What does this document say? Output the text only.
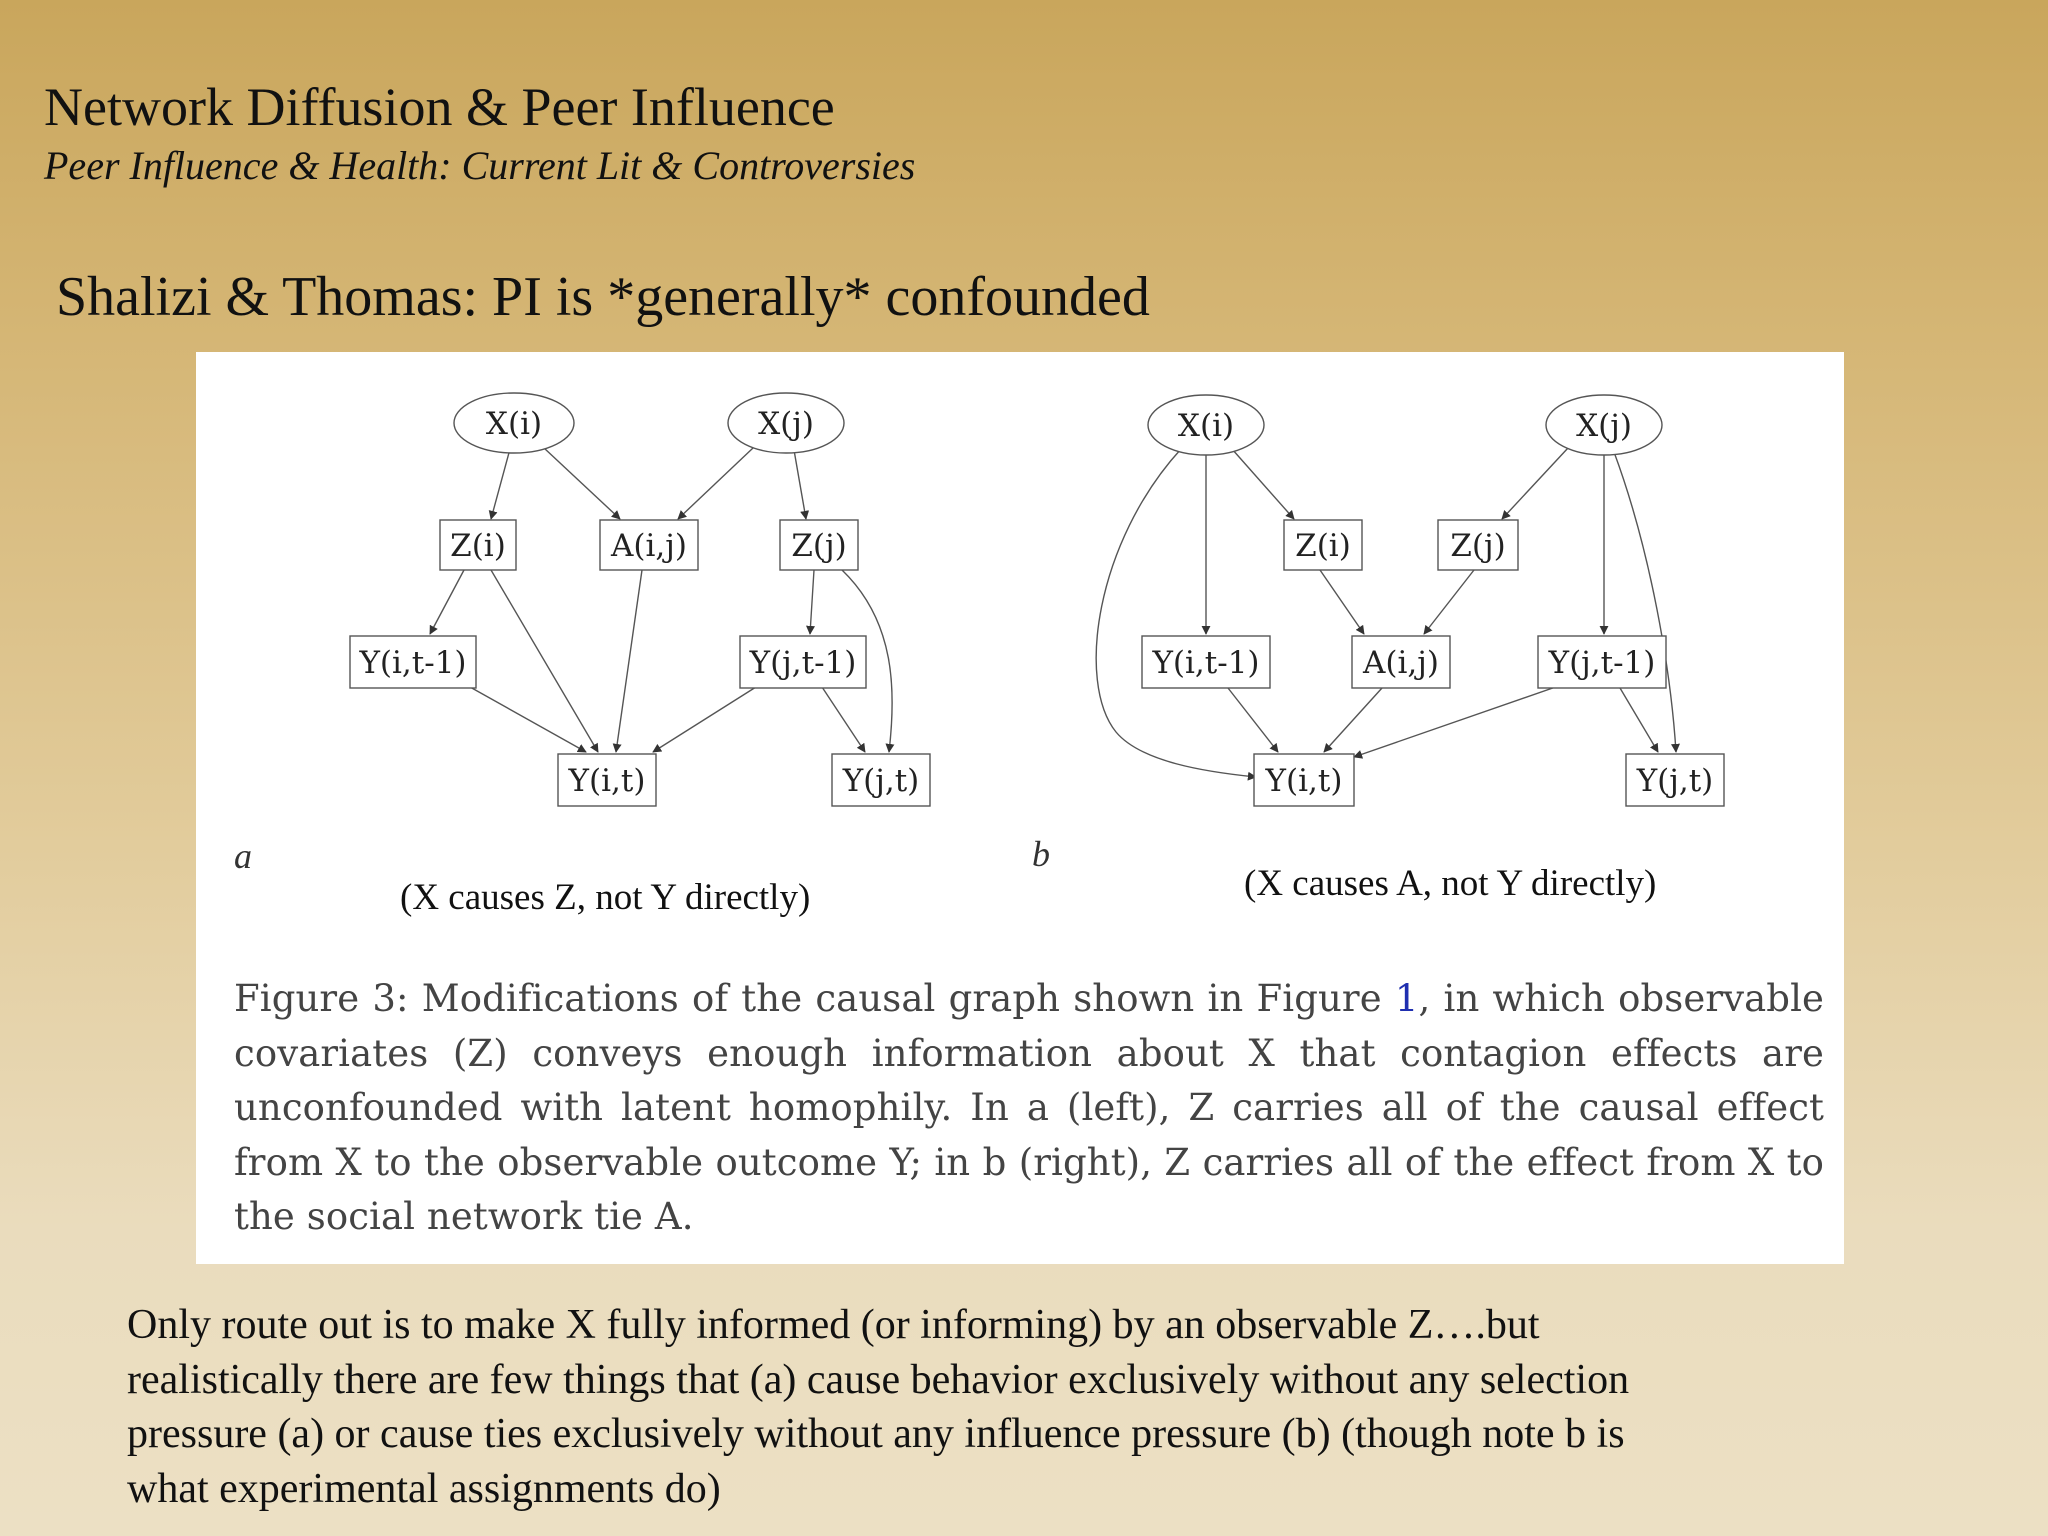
Network Diffusion & Peer Influence
Peer Influence & Health: Current Lit & Controversies
Shalizi & Thomas: PI is *generally* confounded
X(i)	X(j)
Z(i)	A(i,j)	Z(j)
Y(i,t-1)	Y(j,t-1)
Y(i,t)	Y(j,t)
X(i)	X(j)
Z(i)	Z(j)
Y(i,t-1)	A(i,j)	Y(j,t-1)
Y(i,t)	Y(j,t)
a	b
(X causes Z, not Y directly)	(X causes A, not Y directly)
Figure 3: Modifications of the causal graph shown in Figure 1, in which observable covariates (Z) conveys enough information about X that contagion effects are unconfounded with latent homophily. In a (left), Z carries all of the causal effect from X to the observable outcome Y; in b (right), Z carries all of the effect from X to the social network tie A.
Only route out is to make X fully informed (or informing) by an observable Z….but realistically there are few things that (a) cause behavior exclusively without any selection pressure (a) or cause ties exclusively without any influence pressure (b) (though note b is what experimental assignments do)
